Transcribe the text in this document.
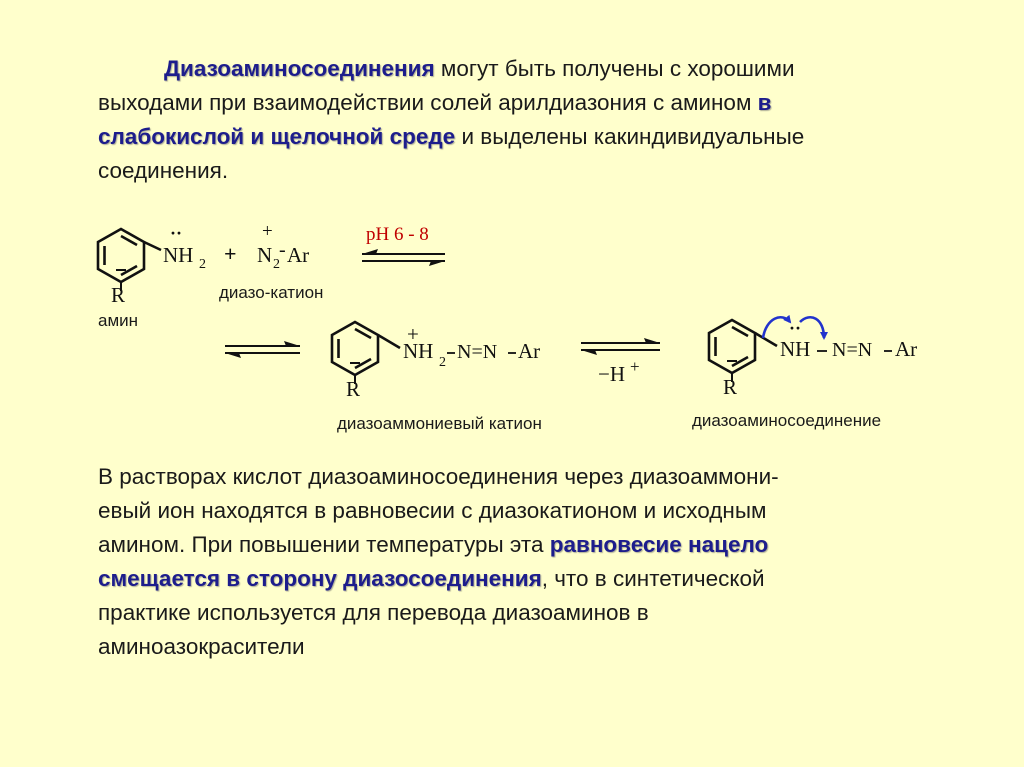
Диазоаминосоединения могут быть получены с хорошими
выходами при взаимодействии солей арилдиазония с амином в
слабокислой и щелочной среде и выделены какиндивидуальные
соединения.

··
NH 2
R
+
+
N 2
- Ar
pH 6 - 8
+
NH 2 N=N Ar
R
−H +
··
NH N=N Ar
R
амин
диазо-катион
диазоаммониевый катион	диазоаминосоединение

В растворах кислот диазоаминосоединения через диазоаммони-
евый ион находятся в равновесии с диазокатионом и исходным
амином. При повышении температуры эта равновесие нацело
смещается в сторону диазосоединения, что в синтетической
практике используется для перевода диазоаминов в
аминоазокрасители
